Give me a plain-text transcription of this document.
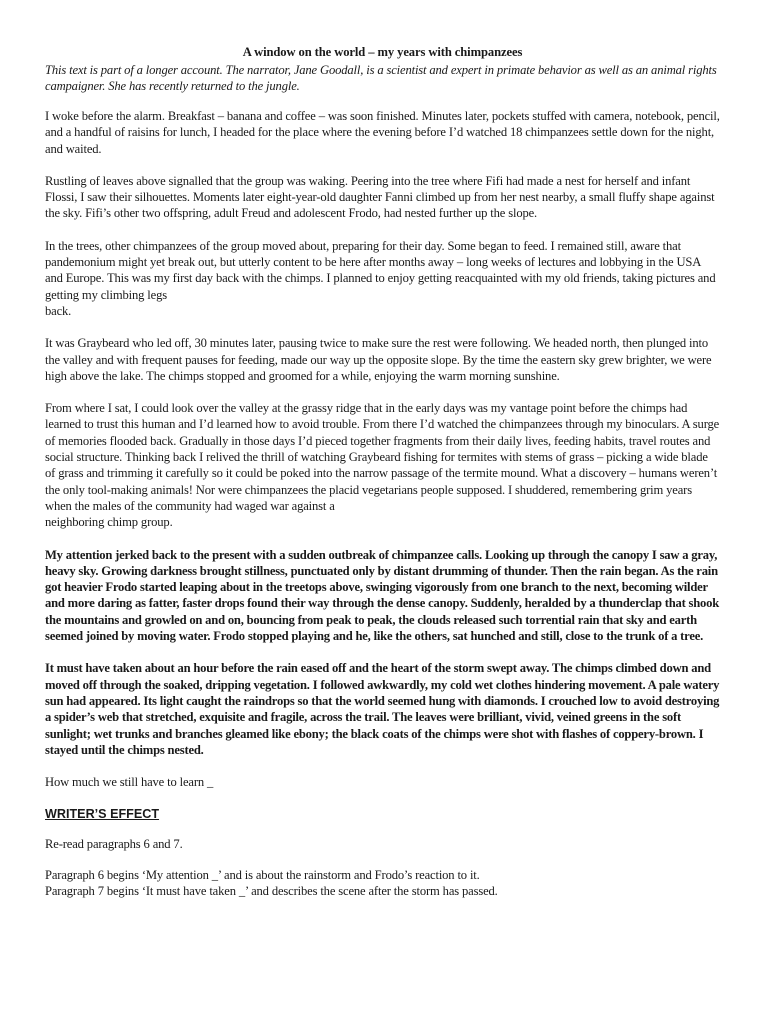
A window on the world – my years with chimpanzees

This text is part of a longer account. The narrator, Jane Goodall, is a scientist and expert in primate behavior as well as an animal rights campaigner. She has recently returned to the jungle.

I woke before the alarm. Breakfast – banana and coffee – was soon finished. Minutes later, pockets stuffed with camera, notebook, pencil, and a handful of raisins for lunch, I headed for the place where the evening before I’d watched 18 chimpanzees settle down for the night, and waited.

Rustling of leaves above signalled that the group was waking. Peering into the tree where Fifi had made a nest for herself and infant Flossi, I saw their silhouettes. Moments later eight-year-old daughter Fanni climbed up from her nest nearby, a small fluffy shape against the sky. Fifi’s other two offspring, adult Freud and adolescent Frodo, had nested further up the slope.

In the trees, other chimpanzees of the group moved about, preparing for their day. Some began to feed. I remained still, aware that pandemonium might yet break out, but utterly content to be here after months away – long weeks of lectures and lobbying in the USA and Europe. This was my first day back with the chimps. I planned to enjoy getting reacquainted with my old friends, taking pictures and getting my climbing legs
back.

It was Graybeard who led off, 30 minutes later, pausing twice to make sure the rest were following. We headed north, then plunged into the valley and with frequent pauses for feeding, made our way up the opposite slope. By the time the eastern sky grew brighter, we were high above the lake. The chimps stopped and groomed for a while, enjoying the warm morning sunshine.

From where I sat, I could look over the valley at the grassy ridge that in the early days was my vantage point before the chimps had learned to trust this human and I’d learned how to avoid trouble. From there I’d watched the chimpanzees through my binoculars. A surge of memories flooded back. Gradually in those days I’d pieced together fragments from their daily lives, feeding habits, travel routes and social structure. Thinking back I relived the thrill of watching Graybeard fishing for termites with stems of grass – picking a wide blade of grass and trimming it carefully so it could be poked into the narrow passage of the termite mound. What a discovery – humans weren’t the only tool-making animals! Nor were chimpanzees the placid vegetarians people supposed. I shuddered, remembering grim years when the males of the community had waged war against a
neighboring chimp group.

My attention jerked back to the present with a sudden outbreak of chimpanzee calls. Looking up through the canopy I saw a gray, heavy sky. Growing darkness brought stillness, punctuated only by distant drumming of thunder. Then the rain began. As the rain got heavier Frodo started leaping about in the treetops above, swinging vigorously from one branch to the next, becoming wilder and more daring as fatter, faster drops found their way through the dense canopy. Suddenly, heralded by a thunderclap that shook the mountains and growled on and on, bouncing from peak to peak, the clouds released such torrential rain that sky and earth seemed joined by moving water. Frodo stopped playing and he, like the others, sat hunched and still, close to the trunk of a tree.

It must have taken about an hour before the rain eased off and the heart of the storm swept away. The chimps climbed down and moved off through the soaked, dripping vegetation. I followed awkwardly, my cold wet clothes hindering movement. A pale watery sun had appeared. Its light caught the raindrops so that the world seemed hung with diamonds. I crouched low to avoid destroying a spider’s web that stretched, exquisite and fragile, across the trail. The leaves were brilliant, vivid, veined greens in the soft sunlight; wet trunks and branches gleamed like ebony; the black coats of the chimps were shot with flashes of coppery-brown. I stayed until the chimps nested.

How much we still have to learn _

WRITER’S EFFECT

Re-read paragraphs 6 and 7.

Paragraph 6 begins ‘My attention _’ and is about the rainstorm and Frodo’s reaction to it.

Paragraph 7 begins ‘It must have taken _’ and describes the scene after the storm has passed.
